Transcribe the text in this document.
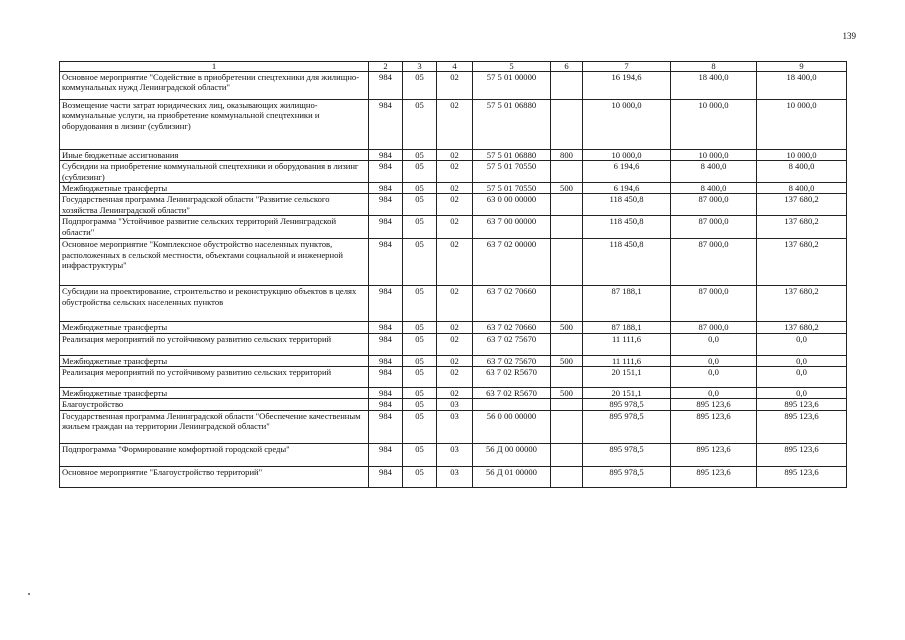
139
1	2	3	4	5	6	7	8	9
Основное мероприятие "Содействие в приобретении спецтехники для жилищно-коммунальных нужд Ленинградской области"	984	05	02	57 5 01 00000		16 194,6	18 400,0	18 400,0
Возмещение части затрат юридических лиц, оказывающих жилищно-коммунальные услуги, на приобретение коммунальной спецтехники и оборудования в лизинг (сублизинг)	984	05	02	57 5 01 06880		10 000,0	10 000,0	10 000,0
Иные бюджетные ассигнования	984	05	02	57 5 01 06880	800	10 000,0	10 000,0	10 000,0
Субсидии на приобретение коммунальной спецтехники и оборудования в лизинг (сублизинг)	984	05	02	57 5 01 70550		6 194,6	8 400,0	8 400,0
Межбюджетные трансферты	984	05	02	57 5 01 70550	500	6 194,6	8 400,0	8 400,0
Государственная программа Ленинградской области "Развитие сельского хозяйства Ленинградской области"	984	05	02	63 0 00 00000		118 450,8	87 000,0	137 680,2
Подпрограмма "Устойчивое развитие сельских территорий Ленинградской области"	984	05	02	63 7 00 00000		118 450,8	87 000,0	137 680,2
Основное мероприятие "Комплексное обустройство населенных пунктов, расположенных в сельской местности, объектами социальной и инженерной инфраструктуры"	984	05	02	63 7 02 00000		118 450,8	87 000,0	137 680,2
Субсидии на проектирование, строительство и реконструкцию объектов в целях обустройства сельских населенных пунктов	984	05	02	63 7 02 70660		87 188,1	87 000,0	137 680,2
Межбюджетные трансферты	984	05	02	63 7 02 70660	500	87 188,1	87 000,0	137 680,2
Реализация мероприятий по устойчивому развитию сельских территорий	984	05	02	63 7 02 75670		11 111,6	0,0	0,0
Межбюджетные трансферты	984	05	02	63 7 02 75670	500	11 111,6	0,0	0,0
Реализация мероприятий по устойчивому развитию сельских территорий	984	05	02	63 7 02 R5670		20 151,1	0,0	0,0
Межбюджетные трансферты	984	05	02	63 7 02 R5670	500	20 151,1	0,0	0,0
Благоустройство	984	05	03			895 978,5	895 123,6	895 123,6
Государственная программа Ленинградской области "Обеспечение качественным жильем граждан на территории Ленинградской области"	984	05	03	56 0 00 00000		895 978,5	895 123,6	895 123,6
Подпрограмма "Формирование комфортной городской среды"	984	05	03	56 Д 00 00000		895 978,5	895 123,6	895 123,6
Основное мероприятие "Благоустройство территорий"	984	05	03	56 Д 01 00000		895 978,5	895 123,6	895 123,6
